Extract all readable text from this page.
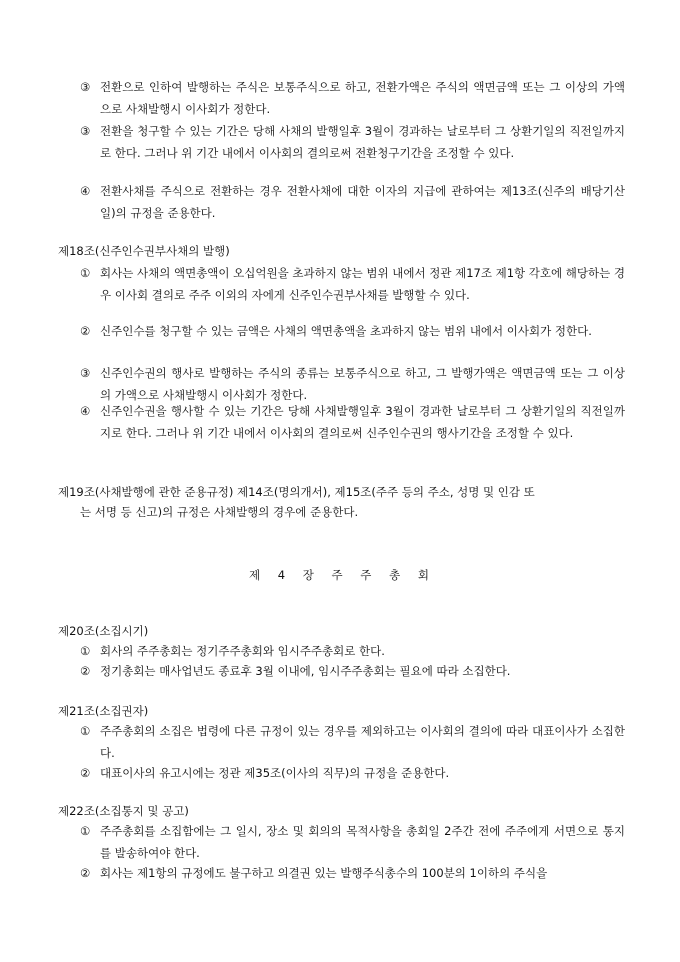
③ 전환으로 인하여 발행하는 주식은 보통주식으로 하고, 전환가액은 주식의 액면금액 또는 그 이상의 가액으로 사채발행시 이사회가 정한다.
③ 전환을 청구할 수 있는 기간은 당해 사채의 발행일후 3월이 경과하는 날로부터 그 상환기일의 직전일까지로 한다. 그러나 위 기간 내에서 이사회의 결의로써 전환청구기간을 조정할 수 있다.
④ 전환사채를 주식으로 전환하는 경우 전환사채에 대한 이자의 지급에 관하여는 제13조(신주의 배당기산일)의 규정을 준용한다.
제18조(신주인수권부사채의 발행)
① 회사는 사채의 액면총액이 오십억원을 초과하지 않는 범위 내에서 정관 제17조 제1항 각호에 해당하는 경우 이사회 결의로 주주 이외의 자에게 신주인수권부사채를 발행할 수 있다.
② 신주인수를 청구할 수 있는 금액은 사채의 액면총액을 초과하지 않는 범위 내에서 이사회가 정한다.
③ 신주인수권의 행사로 발행하는 주식의 종류는 보통주식으로 하고, 그 발행가액은 액면금액 또는 그 이상의 가액으로 사채발행시 이사회가 정한다.
④ 신주인수권을 행사할 수 있는 기간은 당해 사채발행일후 3월이 경과한 날로부터 그 상환기일의 직전일까지로 한다. 그러나 위 기간 내에서 이사회의 결의로써 신주인수권의 행사기간을 조정할 수 있다.
제19조(사채발행에 관한 준용규정) 제14조(명의개서), 제15조(주주 등의 주소, 성명 및 인감 또
는 서명 등 신고)의 규정은 사채발행의 경우에 준용한다.
제 4 장 주 주 총 회
제20조(소집시기)
① 회사의 주주총회는 정기주주총회와 임시주주총회로 한다.
② 정기총회는 매사업년도 종료후 3월 이내에, 임시주주총회는 필요에 따라 소집한다.
제21조(소집권자)
① 주주총회의 소집은 법령에 다른 규정이 있는 경우를 제외하고는 이사회의 결의에 따라 대표이사가 소집한다.
② 대표이사의 유고시에는 정관 제35조(이사의 직무)의 규정을 준용한다.
제22조(소집통지 및 공고)
① 주주총회를 소집함에는 그 일시, 장소 및 회의의 목적사항을 총회일 2주간 전에 주주에게 서면으로 통지를 발송하여야 한다.
② 회사는 제1항의 규정에도 불구하고 의결권 있는 발행주식총수의 100분의 1이하의 주식을
